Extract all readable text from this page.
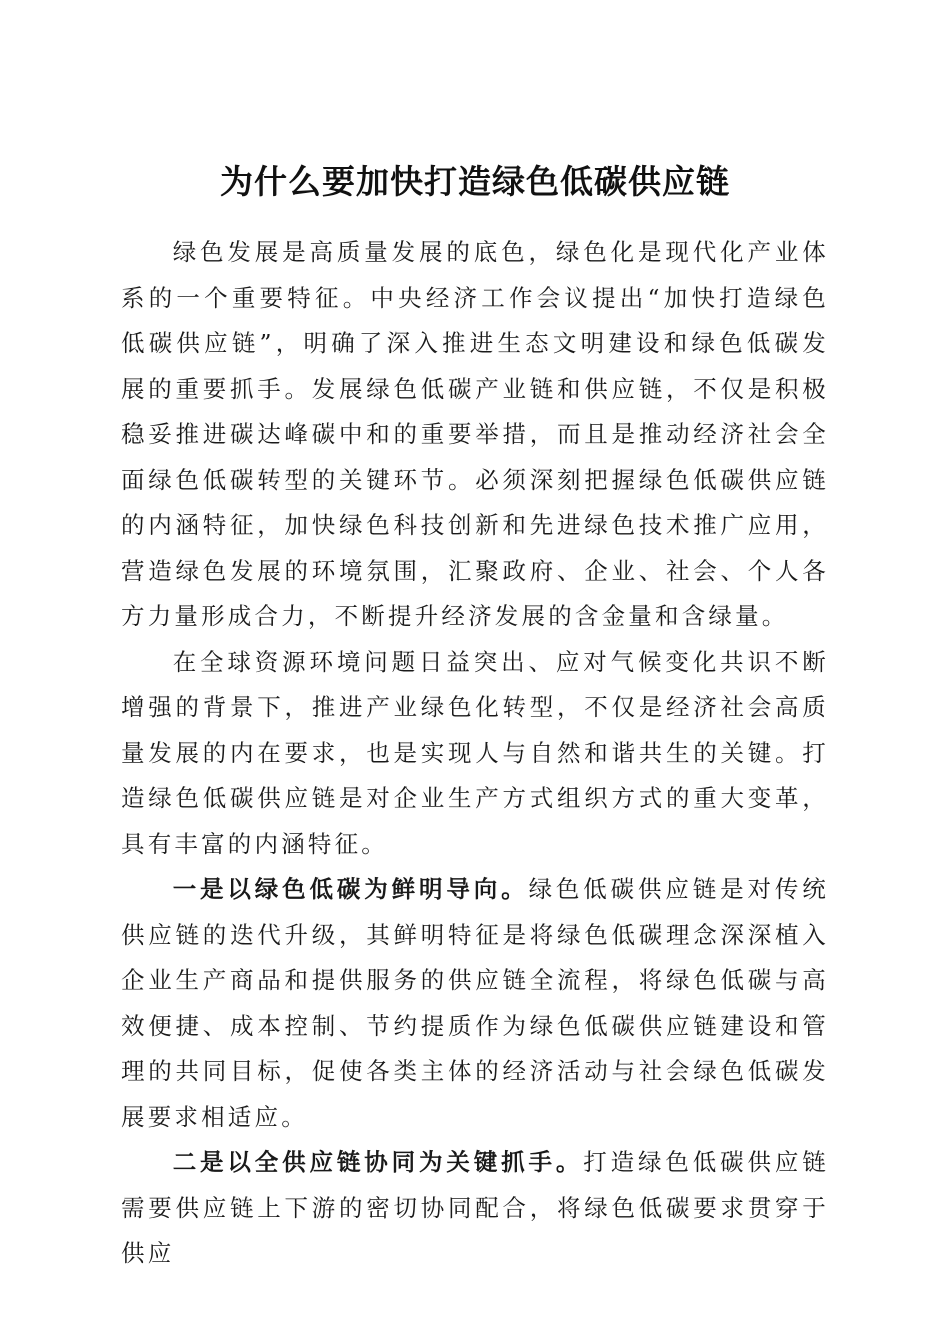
为什么要加快打造绿色低碳供应链

绿色发展是高质量发展的底色，绿色化是现代化产业体系的一个重要特征。中央经济工作会议提出“加快打造绿色低碳供应链”，明确了深入推进生态文明建设和绿色低碳发展的重要抓手。发展绿色低碳产业链和供应链，不仅是积极稳妥推进碳达峰碳中和的重要举措，而且是推动经济社会全面绿色低碳转型的关键环节。必须深刻把握绿色低碳供应链的内涵特征，加快绿色科技创新和先进绿色技术推广应用，营造绿色发展的环境氛围，汇聚政府、企业、社会、个人各方力量形成合力，不断提升经济发展的含金量和含绿量。

在全球资源环境问题日益突出、应对气候变化共识不断增强的背景下，推进产业绿色化转型，不仅是经济社会高质量发展的内在要求，也是实现人与自然和谐共生的关键。打造绿色低碳供应链是对企业生产方式组织方式的重大变革，具有丰富的内涵特征。

一是以绿色低碳为鲜明导向。绿色低碳供应链是对传统供应链的迭代升级，其鲜明特征是将绿色低碳理念深深植入企业生产商品和提供服务的供应链全流程，将绿色低碳与高效便捷、成本控制、节约提质作为绿色低碳供应链建设和管理的共同目标，促使各类主体的经济活动与社会绿色低碳发展要求相适应。

二是以全供应链协同为关键抓手。打造绿色低碳供应链需要供应链上下游的密切协同配合，将绿色低碳要求贯穿于供应
